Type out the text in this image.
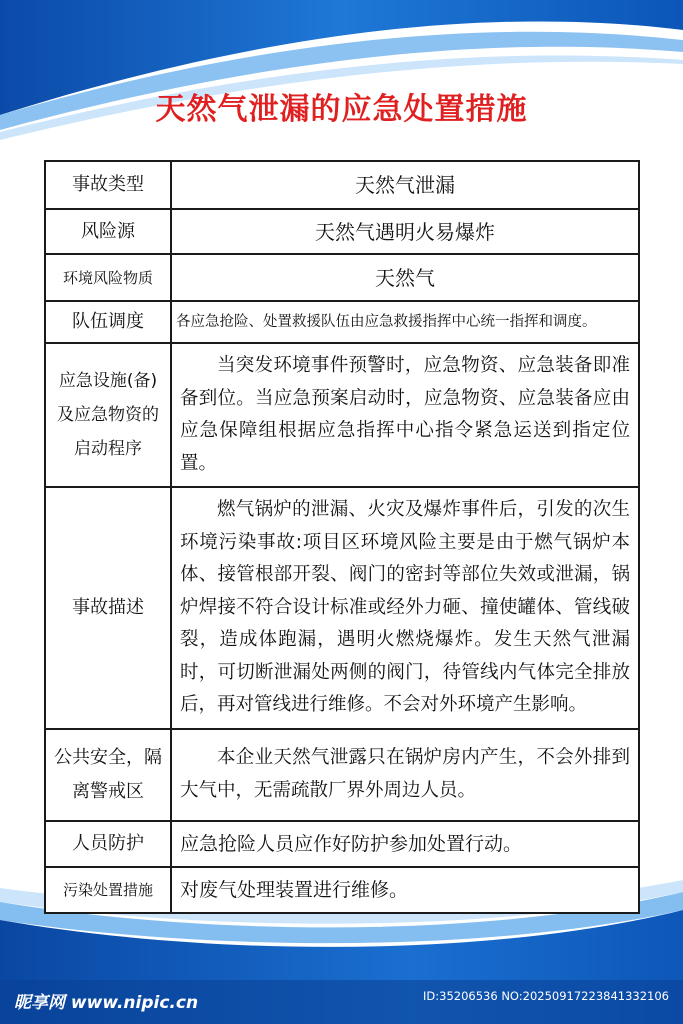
天然气泄漏的应急处置措施
事故类型	天然气泄漏
风险源	天然气遇明火易爆炸
环境风险物质	天然气
队伍调度	各应急抢险、处置救援队伍由应急救援指挥中心统一指挥和调度。
应急设施(备)及应急物资的启动程序	当突发环境事件预警时，应急物资、应急装备即准备到位。当应急预案启动时，应急物资、应急装备应由应急保障组根据应急指挥中心指令紧急运送到指定位置。
事故描述	燃气锅炉的泄漏、火灾及爆炸事件后，引发的次生环境污染事故:项目区环境风险主要是由于燃气锅炉本体、接管根部开裂、阀门的密封等部位失效或泄漏，锅炉焊接不符合设计标准或经外力砸、撞使罐体、管线破裂，造成体跑漏，遇明火燃烧爆炸。发生天然气泄漏时，可切断泄漏处两侧的阀门，待管线内气体完全排放后，再对管线进行维修。不会对外环境产生影响。
公共安全，隔离警戒区	本企业天然气泄露只在锅炉房内产生，不会外排到大气中，无需疏散厂界外周边人员。
人员防护	应急抢险人员应作好防护参加处置行动。
污染处置措施	对废气处理装置进行维修。
昵享网 www.nipic.cn	ID:35206536 NO:20250917223841332106
